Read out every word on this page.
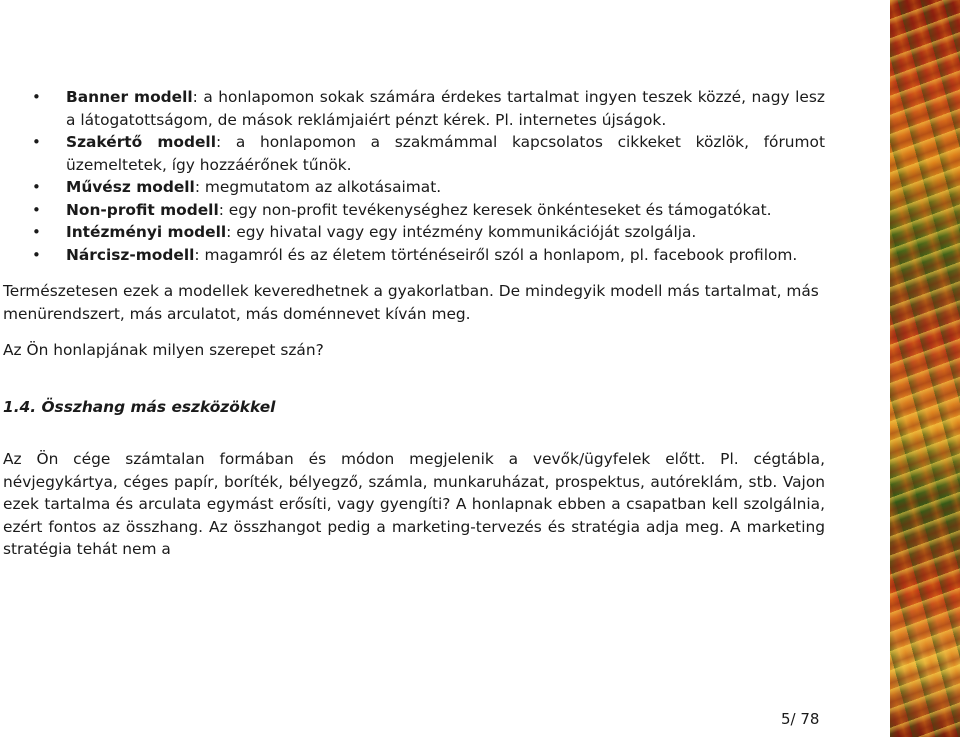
• Banner modell: a honlapomon sokak számára érdekes tartalmat ingyen teszek közzé, nagy lesz a látogatottságom, de mások reklámjaiért pénzt kérek. Pl. internetes újságok.
• Szakértő modell: a honlapomon a szakmámmal kapcsolatos cikkeket közlök, fórumot üzemeltetek, így hozzáérőnek tűnök.
• Művész modell: megmutatom az alkotásaimat.
• Non-profit modell: egy non-profit tevékenységhez keresek önkénteseket és támogatókat.
• Intézményi modell: egy hivatal vagy egy intézmény kommunikációját szolgálja.
• Nárcisz-modell: magamról és az életem történéseiről szól a honlapom, pl. facebook profilom.

Természetesen ezek a modellek keveredhetnek a gyakorlatban. De mindegyik modell más tartalmat, más menürendszert, más arculatot, más doménnevet kíván meg.

Az Ön honlapjának milyen szerepet szán?

1.4. Összhang más eszközökkel

Az Ön cége számtalan formában és módon megjelenik a vevők/ügyfelek előtt. Pl. cégtábla, névjegykártya, céges papír, boríték, bélyegző, számla, munkaruházat, prospektus, autóreklám, stb. Vajon ezek tartalma és arculata egymást erősíti, vagy gyengíti? A honlapnak ebben a csapatban kell szolgálnia, ezért fontos az összhang. Az összhangot pedig a marketing-tervezés és stratégia adja meg. A marketing stratégia tehát nem a

5/ 78
